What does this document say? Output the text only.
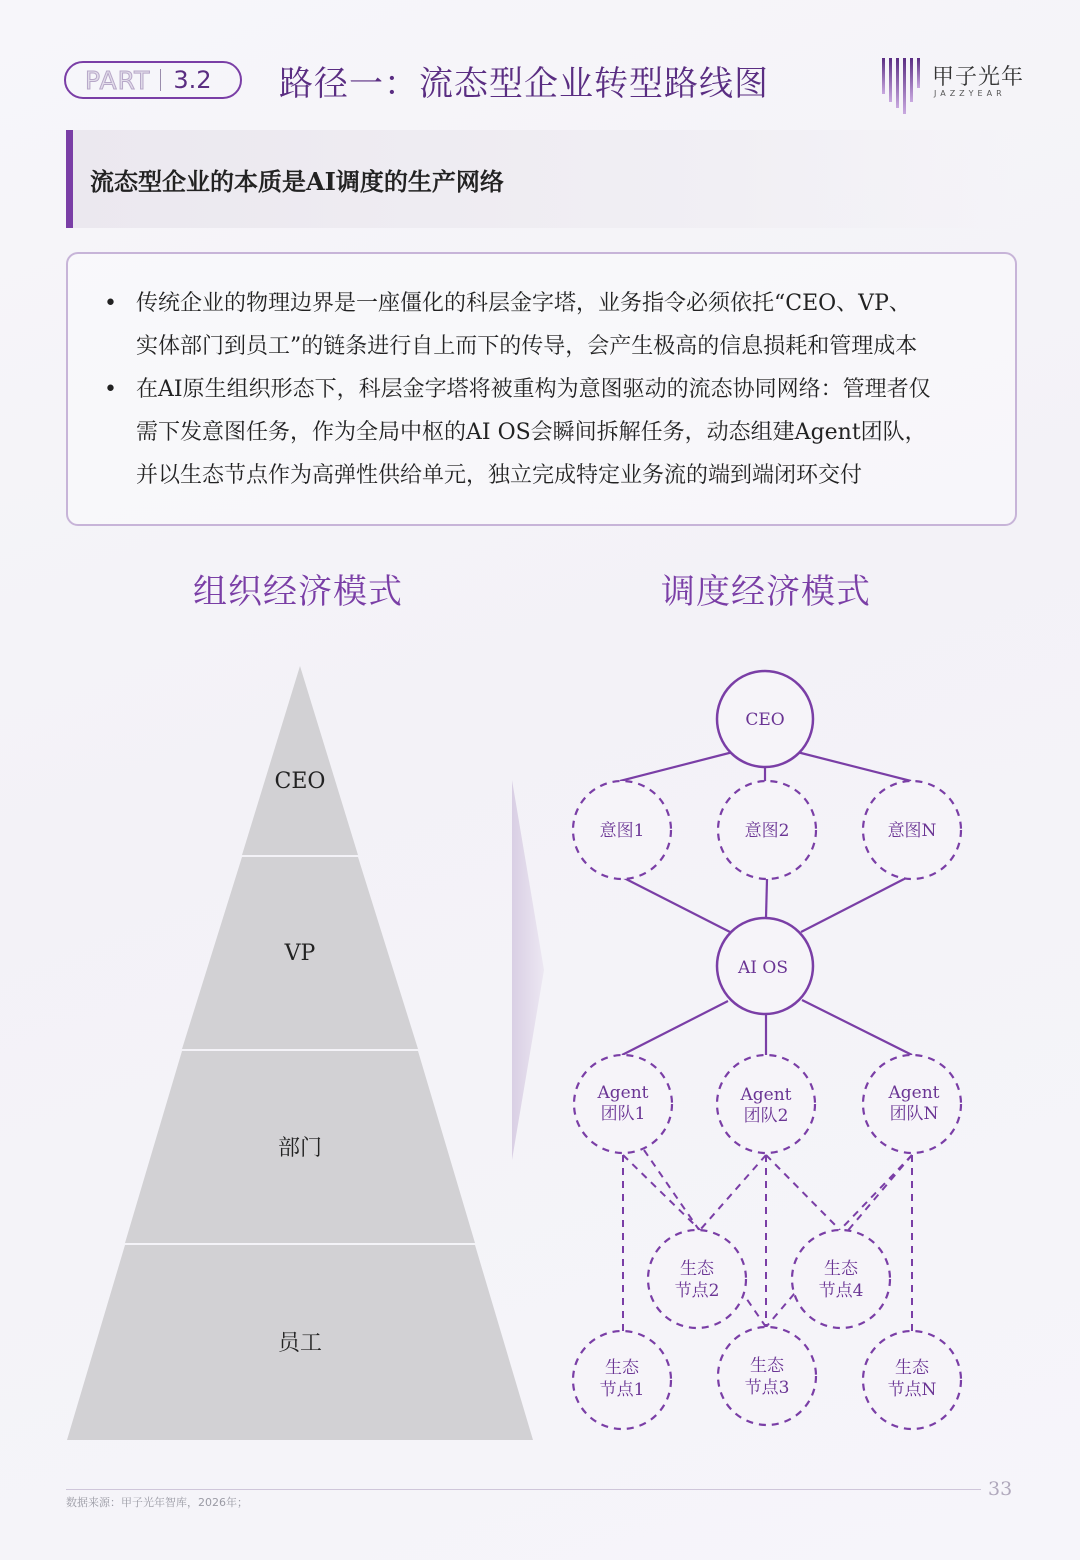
PART 3.2 路径一：流态型企业转型路线图	甲子光年
JAZZYEAR
流态型企业的本质是AI调度的生产网络
• 传统企业的物理边界是一座僵化的科层金字塔，业务指令必须依托“CEO、VP、
实体部门到员工”的链条进行自上而下的传导，会产生极高的信息损耗和管理成本
• 在AI原生组织形态下，科层金字塔将被重构为意图驱动的流态协同网络：管理者仅
需下发意图任务，作为全局中枢的AI OS会瞬间拆解任务，动态组建Agent团队，
并以生态节点作为高弹性供给单元，独立完成特定业务流的端到端闭环交付
组织经济模式	调度经济模式
CEO
VP
部门
员工
CEO
意图1	意图2	意图N
AI OS
Agent
团队1
Agent
团队2
Agent
团队N
生态
节点2
生态
节点4
生态
节点1
生态
节点3
生态
节点N
数据来源：甲子光年智库，2026年；
33
